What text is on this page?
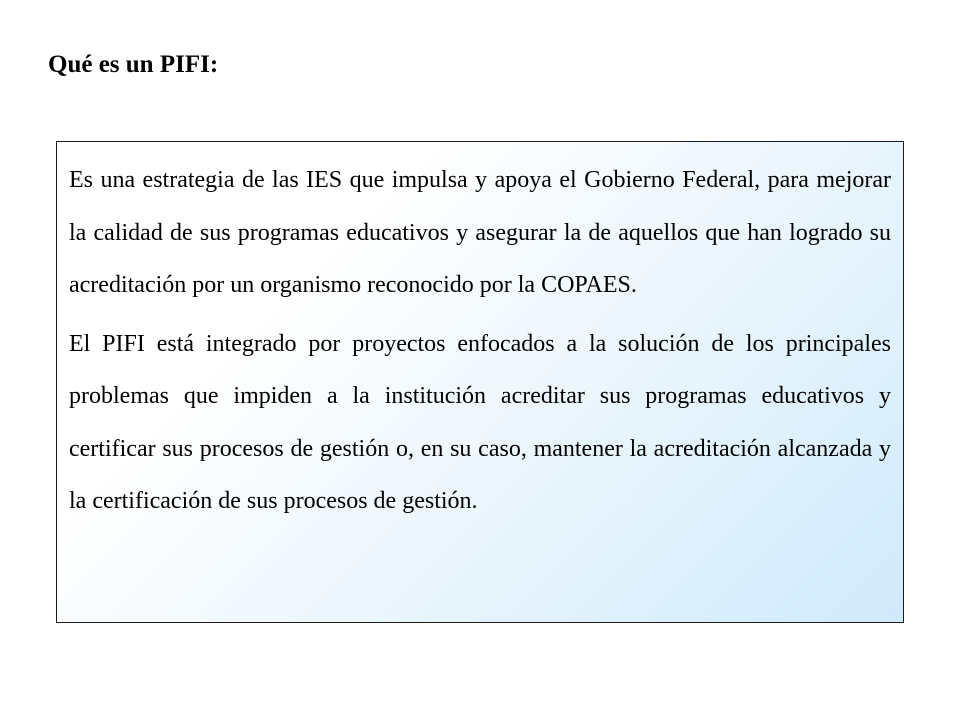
Qué es un PIFI:

Es una estrategia de las IES que impulsa y apoya el Gobierno Federal, para mejorar la calidad de sus programas educativos y asegurar la de aquellos que han logrado su acreditación por un organismo reconocido por la COPAES.

El PIFI está integrado por proyectos enfocados a la solución de los principales problemas que impiden a la institución acreditar sus programas educativos y certificar sus procesos de gestión o, en su caso, mantener la acreditación alcanzada y la certificación de sus procesos de gestión.
